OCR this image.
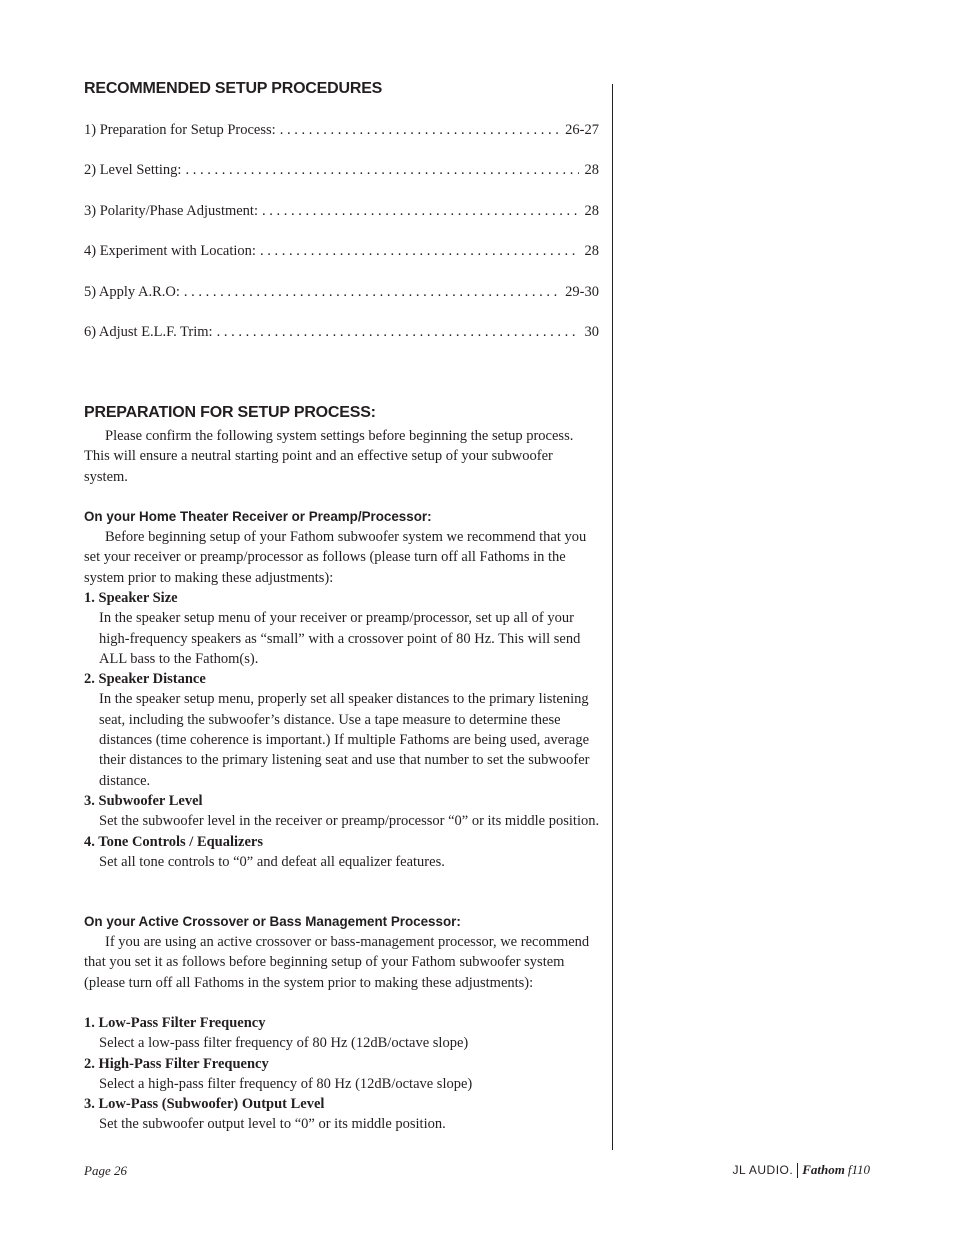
RECOMMENDED SETUP PROCEDURES
1) Preparation for Setup Process: . . .	26-27
2) Level Setting: . . .	28
3) Polarity/Phase Adjustment: . . .	28
4) Experiment with Location: . . .	28
5) Apply A.R.O: . . .	29-30
6) Adjust E.L.F. Trim: . . .	30
PREPARATION FOR SETUP PROCESS:

Please confirm the following system settings before beginning the setup process. This will ensure a neutral starting point and an effective setup of your subwoofer system.

On your Home Theater Receiver or Preamp/Processor:

Before beginning setup of your Fathom subwoofer system we recommend that you set your receiver or preamp/processor as follows (please turn off all Fathoms in the system prior to making these adjustments):

1. Speaker Size
In the speaker setup menu of your receiver or preamp/processor, set up all of your high-frequency speakers as “small” with a crossover point of 80 Hz. This will send ALL bass to the Fathom(s).
2. Speaker Distance
In the speaker setup menu, properly set all speaker distances to the primary listening seat, including the subwoofer’s distance. Use a tape measure to determine these distances (time coherence is important.) If multiple Fathoms are being used, average their distances to the primary listening seat and use that number to set the subwoofer distance.
3. Subwoofer Level
Set the subwoofer level in the receiver or preamp/processor “0” or its middle position.
4. Tone Controls / Equalizers
Set all tone controls to “0” and defeat all equalizer features.
On your Active Crossover or Bass Management Processor:

If you are using an active crossover or bass-management processor, we recommend that you set it as follows before beginning setup of your Fathom subwoofer system (please turn off all Fathoms in the system prior to making these adjustments):

1. Low-Pass Filter Frequency
Select a low-pass filter frequency of 80 Hz (12dB/octave slope)
2. High-Pass Filter Frequency
Select a high-pass filter frequency of 80 Hz (12dB/octave slope)
3. Low-Pass (Subwoofer) Output Level
Set the subwoofer output level to “0” or its middle position.
Page 26	JL AUDIO. Fathom f110
